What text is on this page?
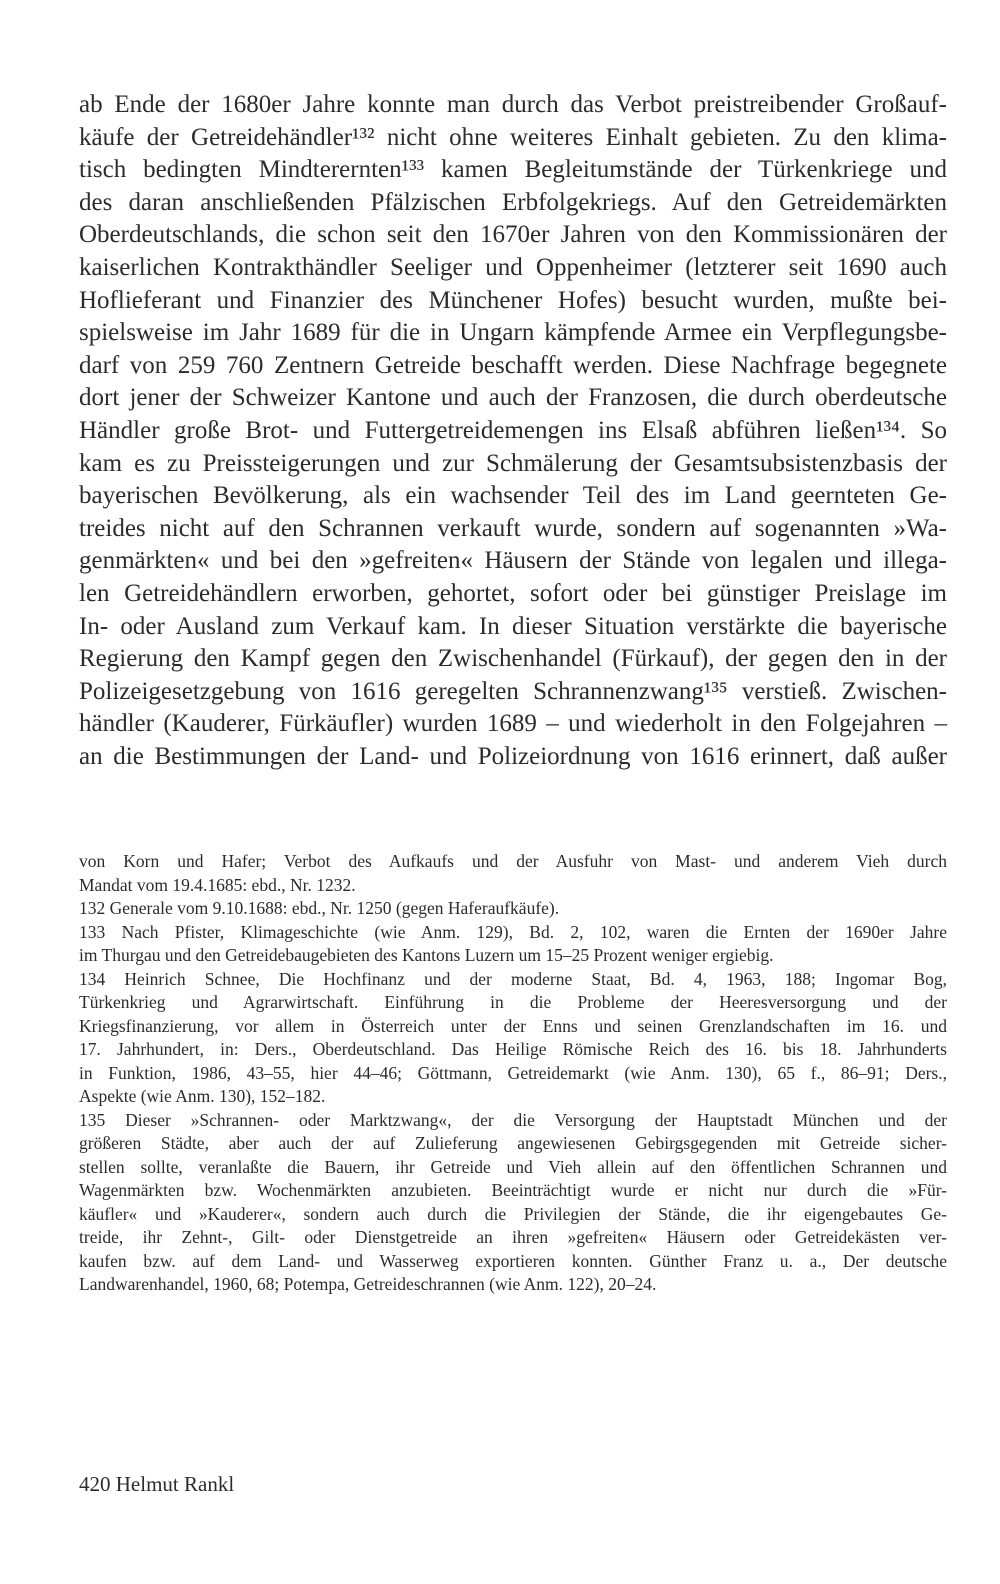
ab Ende der 1680er Jahre konnte man durch das Verbot preistreibender Großauf-
käufe der Getreidehändler¹³² nicht ohne weiteres Einhalt gebieten. Zu den klima-
tisch bedingten Mindterernten¹³³ kamen Begleitumstände der Türkenkriege und
des daran anschließenden Pfälzischen Erbfolgekriegs. Auf den Getreidemärkten
Oberdeutschlands, die schon seit den 1670er Jahren von den Kommissionären der
kaiserlichen Kontrakthändler Seeliger und Oppenheimer (letzterer seit 1690 auch
Hoflieferant und Finanzier des Münchener Hofes) besucht wurden, mußte bei-
spielsweise im Jahr 1689 für die in Ungarn kämpfende Armee ein Verpflegungsbe-
darf von 259 760 Zentnern Getreide beschafft werden. Diese Nachfrage begegnete
dort jener der Schweizer Kantone und auch der Franzosen, die durch oberdeutsche
Händler große Brot- und Futtergetreidemengen ins Elsaß abführen ließen¹³⁴. So
kam es zu Preissteigerungen und zur Schmälerung der Gesamtsubsistenzbasis der
bayerischen Bevölkerung, als ein wachsender Teil des im Land geernteten Ge-
treides nicht auf den Schrannen verkauft wurde, sondern auf sogenannten »Wa-
genmärkten« und bei den »gefreiten« Häusern der Stände von legalen und illega-
len Getreidehändlern erworben, gehortet, sofort oder bei günstiger Preislage im
In- oder Ausland zum Verkauf kam. In dieser Situation verstärkte die bayerische
Regierung den Kampf gegen den Zwischenhandel (Fürkauf), der gegen den in der
Polizeigesetzgebung von 1616 geregelten Schrannenzwang¹³⁵ verstieß. Zwischen-
händler (Kauderer, Fürkäufler) wurden 1689 – und wiederholt in den Folgejahren –
an die Bestimmungen der Land- und Polizeiordnung von 1616 erinnert, daß außer
von Korn und Hafer; Verbot des Aufkaufs und der Ausfuhr von Mast- und anderem Vieh durch
Mandat vom 19.4.1685: ebd., Nr. 1232.
132 Generale vom 9.10.1688: ebd., Nr. 1250 (gegen Haferaufkäufe).
133 Nach Pfister, Klimageschichte (wie Anm. 129), Bd. 2, 102, waren die Ernten der 1690er Jahre
im Thurgau und den Getreidebaugebieten des Kantons Luzern um 15–25 Prozent weniger ergiebig.
134 Heinrich Schnee, Die Hochfinanz und der moderne Staat, Bd. 4, 1963, 188; Ingomar Bog,
Türkenkrieg und Agrarwirtschaft. Einführung in die Probleme der Heeresversorgung und der
Kriegsfinanzierung, vor allem in Österreich unter der Enns und seinen Grenzlandschaften im 16. und
17. Jahrhundert, in: Ders., Oberdeutschland. Das Heilige Römische Reich des 16. bis 18. Jahrhunderts
in Funktion, 1986, 43–55, hier 44–46; Göttmann, Getreidemarkt (wie Anm. 130), 65 f., 86–91; Ders.,
Aspekte (wie Anm. 130), 152–182.
135 Dieser »Schrannen- oder Marktzwang«, der die Versorgung der Hauptstadt München und der
größeren Städte, aber auch der auf Zulieferung angewiesenen Gebirgsgegenden mit Getreide sicher-
stellen sollte, veranlaßte die Bauern, ihr Getreide und Vieh allein auf den öffentlichen Schrannen und
Wagenmärkten bzw. Wochenmärkten anzubieten. Beeinträchtigt wurde er nicht nur durch die »Für-
käufler« und »Kauderer«, sondern auch durch die Privilegien der Stände, die ihr eigengebautes Ge-
treide, ihr Zehnt-, Gilt- oder Dienstgetreide an ihren »gefreiten« Häusern oder Getreidekästen ver-
kaufen bzw. auf dem Land- und Wasserweg exportieren konnten. Günther Franz u. a., Der deutsche
Landwarenhandel, 1960, 68; Potempa, Getreideschrannen (wie Anm. 122), 20–24.
420 Helmut Rankl
